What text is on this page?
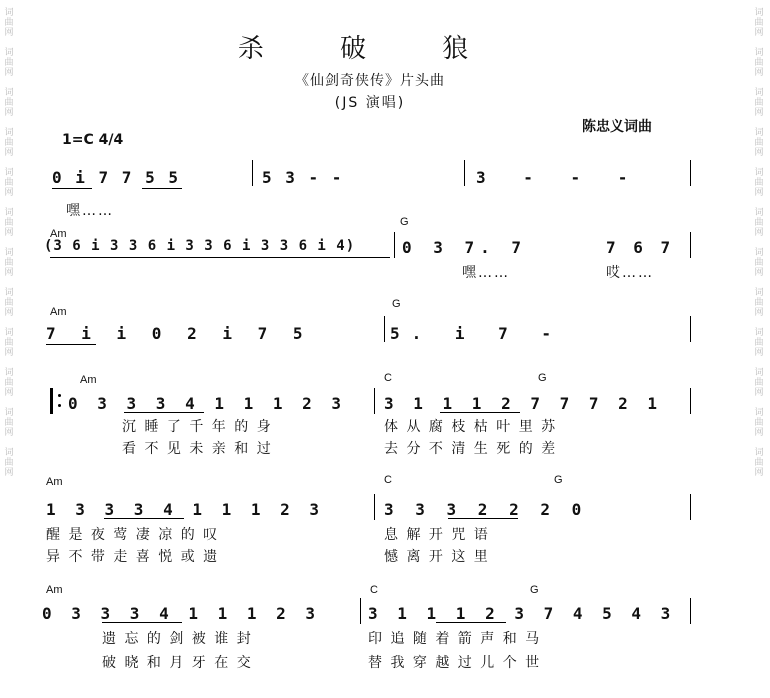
词曲网
词曲网
词曲网
词曲网
词曲网
词曲网
词曲网
词曲网
词曲网
词曲网
词曲网
词曲网
词曲网
词曲网
词曲网
词曲网
词曲网
词曲网
词曲网
词曲网
词曲网
词曲网
词曲网
词曲网
杀 破 狼
《仙剑奇侠传》片头曲
(JS 演唱)
陈忠义词曲
1=C 4/4
0 i 7 7 5 5	5 3 - -	3 - - -
嘿……
Am
G
(3 6 i 3 3 6 i 3 3 6 i 3 3 6 i 4)	0 3 7. 7	7 6 7
嘿……	哎……
Am
G
7 i i 0 2 i 7 5	5. i 7 -
Am	C	G
0 3 3 3 4 1 1 1 2 3 3 1 1 1 2 7 7 7 2 1
沉 睡 了 千 年 的 身	体 从 腐 枝 枯 叶 里 苏
看 不 见 未 亲 和 过	去 分 不 清 生 死 的 差
Am	C	G
1 3 3 3 4 1 1 1 2 3	3 3 3 2 2 2 0
醒 是 夜 莺 凄 凉 的 叹	息 解 开 咒 语
异 不 带 走 喜 悦 或 遗	憾 离 开 这 里
Am	C	G
0 3 3 3 4 1 1 1 2 3	3 1 1 1 2 3 7 4 5 4 3
遗 忘 的 剑 被 谁 封	印 追 随 着 箭 声 和 马
破 晓 和 月 牙 在 交	替 我 穿 越 过 儿 个 世
